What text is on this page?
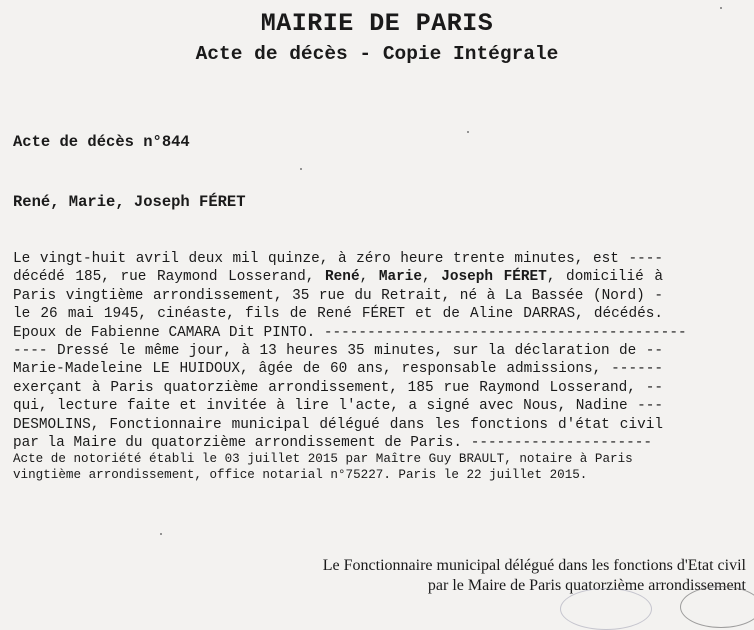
MAIRIE DE PARIS
Acte de décès - Copie Intégrale
Acte de décès n°844
René, Marie, Joseph FÉRET
Le vingt-huit avril deux mil quinze, à zéro heure trente minutes, est ----
décédé 185, rue Raymond Losserand, René, Marie, Joseph FÉRET, domicilié à
Paris vingtième arrondissement, 35 rue du Retrait, né à La Bassée (Nord) -
le 26 mai 1945, cinéaste, fils de René FÉRET et de Aline DARRAS, décédés.
Epoux de Fabienne CAMARA Dit PINTO. ------------------------------------------
---- Dressé le même jour, à 13 heures 35 minutes, sur la déclaration de --
Marie-Madeleine LE HUIDOUX, âgée de 60 ans, responsable admissions, ------
exerçant à Paris quatorzième arrondissement, 185 rue Raymond Losserand, --
qui, lecture faite et invitée à lire l'acte, a signé avec Nous, Nadine ---
DESMOLINS, Fonctionnaire municipal délégué dans les fonctions d'état civil
par la Maire du quatorzième arrondissement de Paris. ---------------------
Acte de notoriété établi le 03 juillet 2015 par Maître Guy BRAULT, notaire à Paris
vingtième arrondissement, office notarial n°75227. Paris le 22 juillet 2015.
Le Fonctionnaire municipal délégué dans les fonctions d'Etat civil
par le Maire de Paris quatorzième arrondissement
